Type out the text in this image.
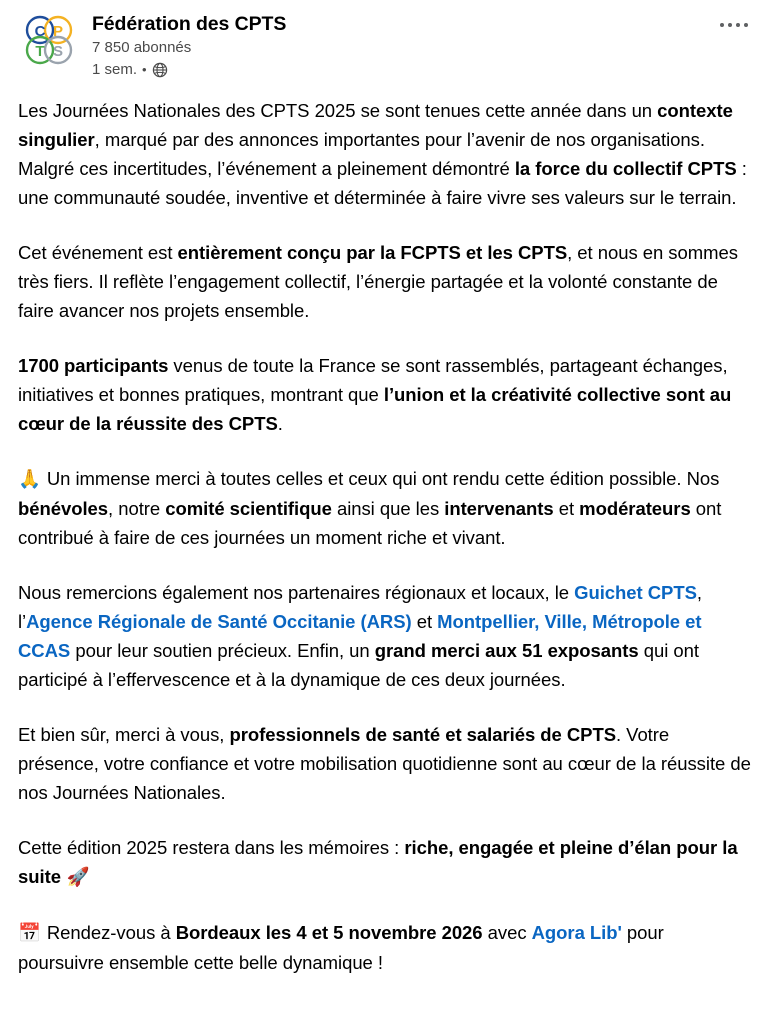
C P
T S
Fédération des CPTS
7 850 abonnés
1 sem. •

Les Journées Nationales des CPTS 2025 se sont tenues cette année dans un contexte singulier, marqué par des annonces importantes pour l’avenir de nos organisations. Malgré ces incertitudes, l’événement a pleinement démontré la force du collectif CPTS : une communauté soudée, inventive et déterminée à faire vivre ses valeurs sur le terrain.

Cet événement est entièrement conçu par la FCPTS et les CPTS, et nous en sommes très fiers. Il reflète l’engagement collectif, l’énergie partagée et la volonté constante de faire avancer nos projets ensemble.

1700 participants venus de toute la France se sont rassemblés, partageant échanges, initiatives et bonnes pratiques, montrant que l’union et la créativité collective sont au cœur de la réussite des CPTS.

🙏 Un immense merci à toutes celles et ceux qui ont rendu cette édition possible. Nos bénévoles, notre comité scientifique ainsi que les intervenants et modérateurs ont contribué à faire de ces journées un moment riche et vivant.

Nous remercions également nos partenaires régionaux et locaux, le Guichet CPTS, l’Agence Régionale de Santé Occitanie (ARS) et Montpellier, Ville, Métropole et CCAS pour leur soutien précieux. Enfin, un grand merci aux 51 exposants qui ont participé à l’effervescence et à la dynamique de ces deux journées.

Et bien sûr, merci à vous, professionnels de santé et salariés de CPTS. Votre présence, votre confiance et votre mobilisation quotidienne sont au cœur de la réussite de nos Journées Nationales.

Cette édition 2025 restera dans les mémoires : riche, engagée et pleine d’élan pour la suite 🚀

📅 Rendez-vous à Bordeaux les 4 et 5 novembre 2026 avec Agora Lib' pour poursuivre ensemble cette belle dynamique !
